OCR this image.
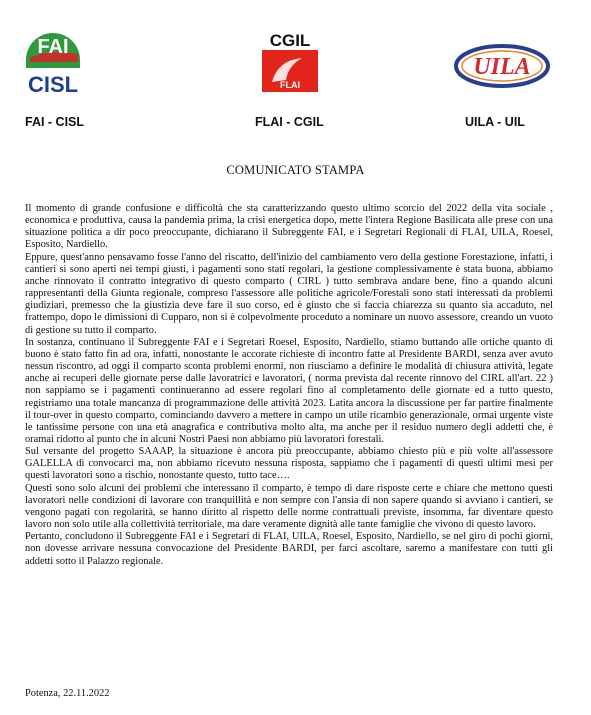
FAI
CISL
FAI - CISL
CGIL
FLAI
FLAI - CGIL
UILA
UILA - UIL
COMUNICATO STAMPA

Il momento di grande confusione e difficoltà che sta caratterizzando questo ultimo scorcio del 2022 della vita sociale , economica e produttiva, causa la pandemia prima, la crisi energetica dopo, mette l'intera Regione Basilicata alle prese con una situazione politica a dir poco preoccupante, dichiarano il Subreggente FAI, e i Segretari Regionali di FLAI, UILA, Roesel, Esposito, Nardiello.

Eppure, quest'anno pensavamo fosse l'anno del riscatto, dell'inizio del cambiamento vero della gestione Forestazione, infatti, i cantieri si sono aperti nei tempi giusti, i pagamenti sono stati regolari, la gestione complessivamente è stata buona, abbiamo anche rinnovato il contratto integrativo di questo comparto ( CIRL ) tutto sembrava andare bene, fino a quando alcuni rappresentanti della Giunta regionale, compreso l'assessore alle politiche agricole/Forestali sono stati interessati da problemi giudiziari, premesso che la giustizia deve fare il suo corso, ed è giusto che si faccia chiarezza su quanto sia accaduto, nel frattempo, dopo le dimissioni di Cupparo, non si è colpevolmente proceduto a nominare un nuovo assessore, creando un vuoto di gestione su tutto il comparto.

In sostanza, continuano il Subreggente FAI e i Segretari Roesel, Esposito, Nardiello, stiamo buttando alle ortiche quanto di buono è stato fatto fin ad ora, infatti, nonostante le accorate richieste di incontro fatte al Presidente BARDI, senza aver avuto nessun riscontro, ad oggi il comparto sconta problemi enormi, non riusciamo a definire le modalità di chiusura attività, legate anche ai recuperi delle giornate perse dalle lavoratrici e lavoratori, ( norma prevista dal recente rinnovo del CIRL all'art. 22 ) non sappiamo se i pagamenti continueranno ad essere regolari fino al completamento delle giornate ed a tutto questo, registriamo una totale mancanza di programmazione delle attività 2023. Latita ancora la discussione per far partire finalmente il tour-over in questo comparto, cominciando davvero a mettere in campo un utile ricambio generazionale, ormai urgente viste le tantissime persone con una età anagrafica e contributiva molto alta, ma anche per il residuo numero degli addetti che, è oramai ridotto al punto che in alcuni Nostri Paesi non abbiamo più lavoratori forestali.

Sul versante del progetto SAAAP, la situazione è ancora più preoccupante, abbiamo chiesto più e più volte all'assessore GALELLA di convocarci ma, non abbiamo ricevuto nessuna risposta, sappiamo che i pagamenti di questi ultimi mesi per questi lavoratori sono a rischio, nonostante questo, tutto tace….

Questi sono solo alcuni dei problemi che interessano il comparto, è tempo di dare risposte certe e chiare che mettono questi lavoratori nelle condizioni di lavorare con tranquillità e non sempre con l'ansia di non sapere quando si avviano i cantieri, se vengono pagati con regolarità, se hanno diritto al rispetto delle norme contrattuali previste, insomma, far diventare questo lavoro non solo utile alla collettività territoriale, ma dare veramente dignità alle tante famiglie che vivono di questo lavoro.

Pertanto, concludono il Subreggente FAI e i Segretari di FLAI, UILA, Roesel, Esposito, Nardiello, se nel giro di pochi giorni, non dovesse arrivare nessuna convocazione del Presidente BARDI, per farci ascoltare, saremo a manifestare con tutti gli addetti sotto il Palazzo regionale.

Potenza, 22.11.2022
